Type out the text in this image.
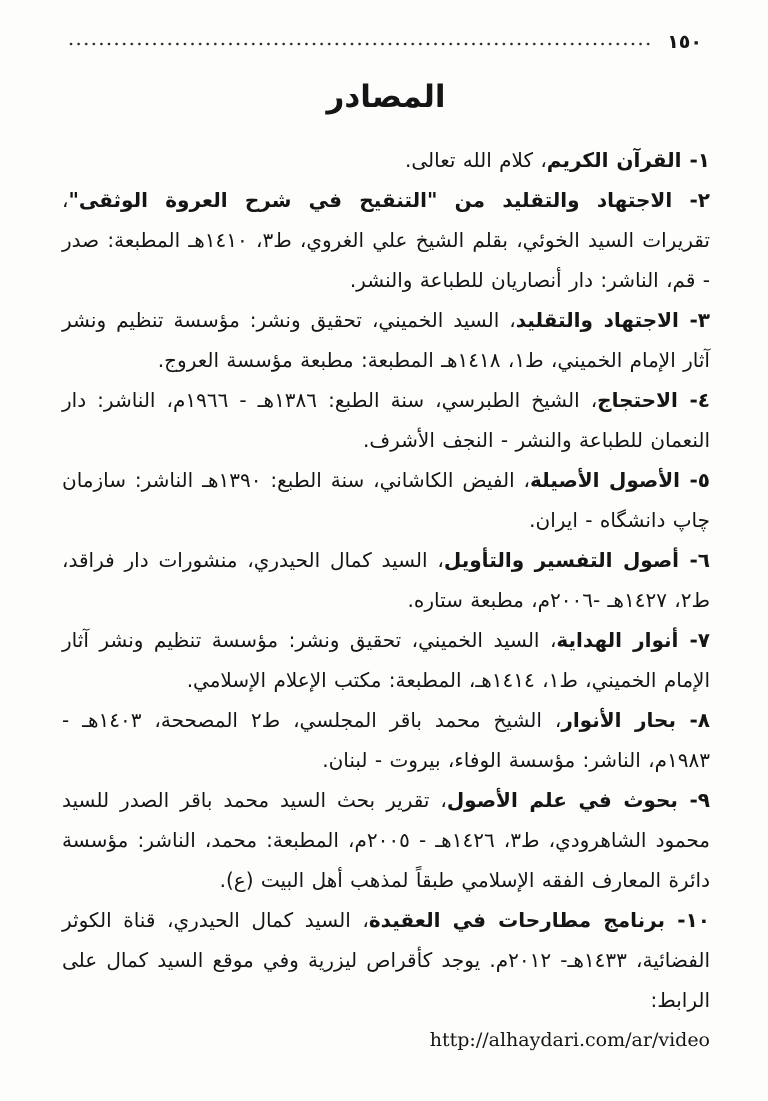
١٥٠
المصادر

١- القرآن الكريم، كلام الله تعالى.

٢- الاجتهاد والتقليد من "التنقيح في شرح العروة الوثقى"، تقريرات السيد الخوئي، بقلم الشيخ علي الغروي، ط٣، ١٤١٠هـ المطبعة: صدر - قم، الناشر: دار أنصاريان للطباعة والنشر.

٣- الاجتهاد والتقليد، السيد الخميني، تحقيق ونشر: مؤسسة تنظيم ونشر آثار الإمام الخميني، ط١، ١٤١٨هـ المطبعة: مطبعة مؤسسة العروج.

٤- الاحتجاج، الشيخ الطبرسي، سنة الطبع: ١٣٨٦هـ - ١٩٦٦م، الناشر: دار النعمان للطباعة والنشر - النجف الأشرف.

٥- الأصول الأصيلة، الفيض الكاشاني، سنة الطبع: ١٣٩٠هـ الناشر: سازمان چاپ دانشگاه - ايران.

٦- أصول التفسير والتأويل، السيد كمال الحيدري، منشورات دار فراقد، ط٢، ١٤٢٧هـ -٢٠٠٦م، مطبعة ستاره.

٧- أنوار الهداية، السيد الخميني، تحقيق ونشر: مؤسسة تنظيم ونشر آثار الإمام الخميني، ط١، ١٤١٤هـ، المطبعة: مكتب الإعلام الإسلامي.

٨- بحار الأنوار، الشيخ محمد باقر المجلسي، ط٢ المصححة، ١٤٠٣هـ - ١٩٨٣م، الناشر: مؤسسة الوفاء، بيروت - لبنان.

٩- بحوث في علم الأصول، تقرير بحث السيد محمد باقر الصدر للسيد محمود الشاهرودي، ط٣، ١٤٢٦هـ - ٢٠٠٥م، المطبعة: محمد، الناشر: مؤسسة دائرة المعارف الفقه الإسلامي طبقاً لمذهب أهل البيت (ع).

١٠- برنامج مطارحات في العقيدة، السيد كمال الحيدري، قناة الكوثر الفضائية، ١٤٣٣هـ- ٢٠١٢م. يوجد كأقراص ليزرية وفي موقع السيد كمال على الرابط:
http://alhaydari.com/ar/video
